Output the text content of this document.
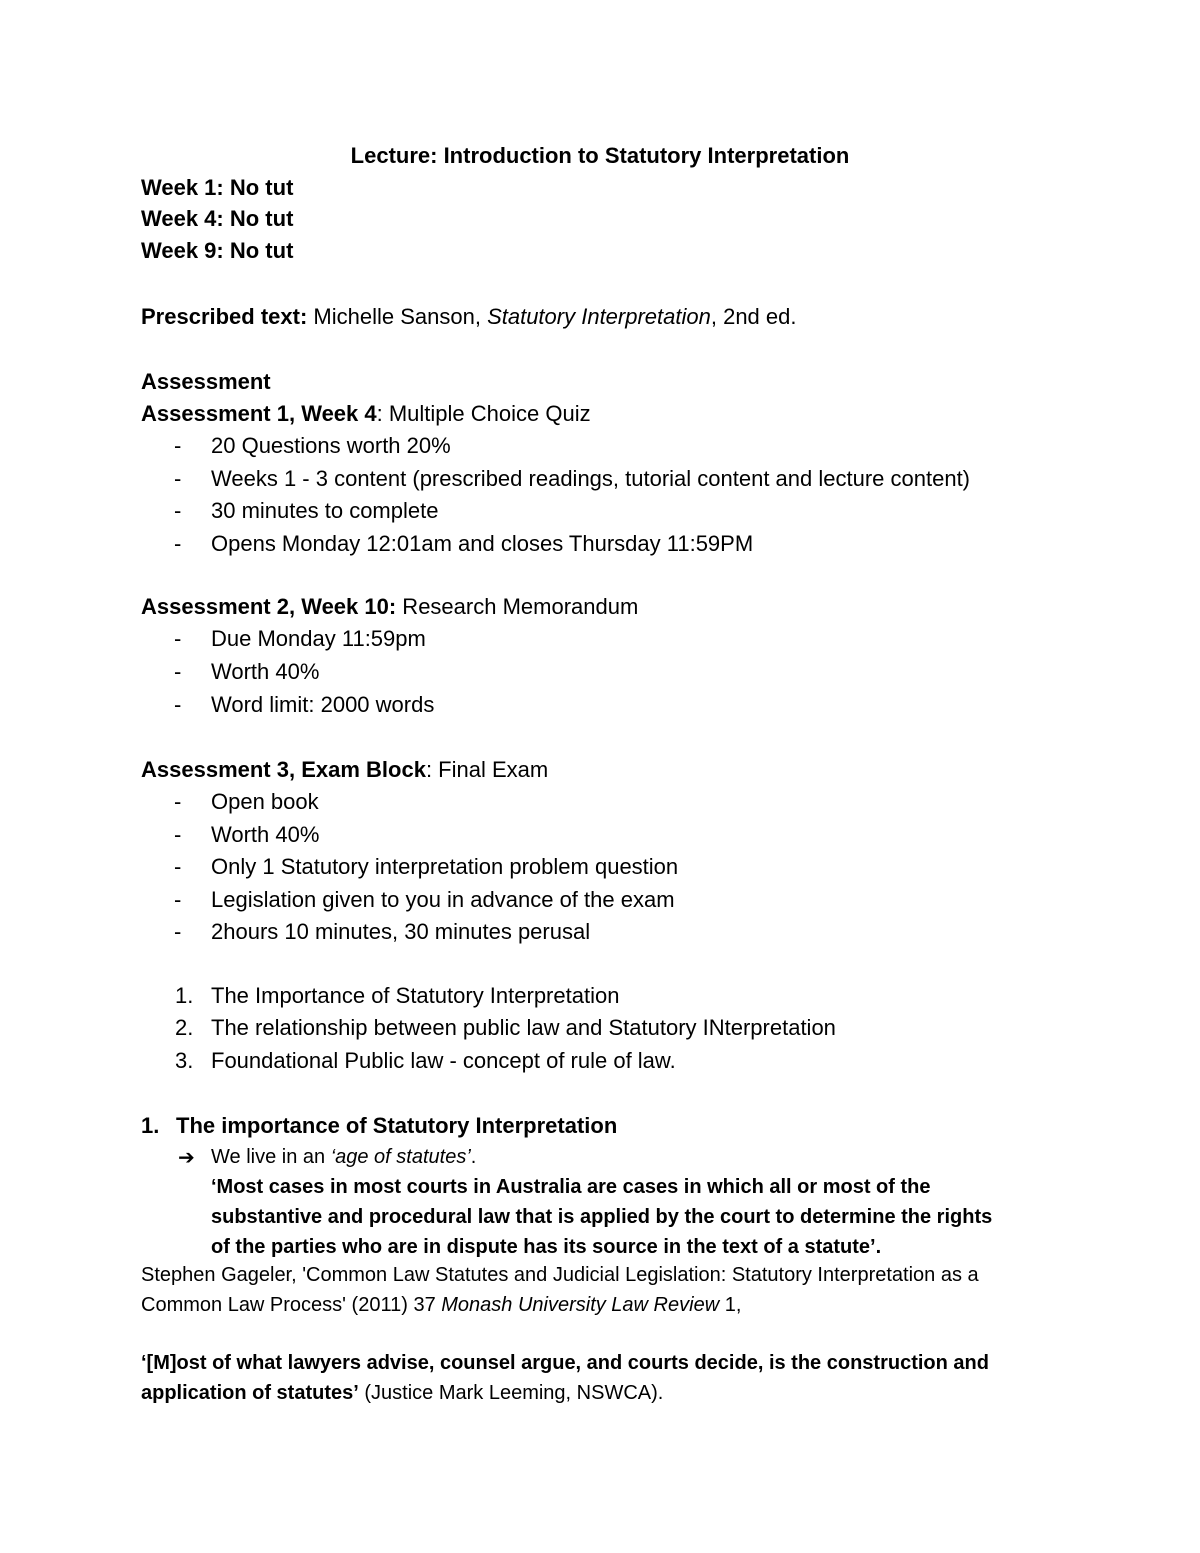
Lecture: Introduction to Statutory Interpretation
Week 1: No tut
Week 4: No tut
Week 9: No tut
Prescribed text: Michelle Sanson, Statutory Interpretation, 2nd ed.
Assessment
Assessment 1, Week 4: Multiple Choice Quiz
-	20 Questions worth 20%
-	Weeks 1 - 3 content (prescribed readings, tutorial content and lecture content)
-	30 minutes to complete
-	Opens Monday 12:01am and closes Thursday 11:59PM
Assessment 2, Week 10: Research Memorandum
-	Due Monday 11:59pm
-	Worth 40%
-	Word limit: 2000 words
Assessment 3, Exam Block: Final Exam
-	Open book
-	Worth 40%
-	Only 1 Statutory interpretation problem question
-	Legislation given to you in advance of the exam
-	2hours 10 minutes, 30 minutes perusal
1. The Importance of Statutory Interpretation
2. The relationship between public law and Statutory INterpretation
3. Foundational Public law - concept of rule of law.
1. The importance of Statutory Interpretation
➔ We live in an ‘age of statutes’.
‘Most cases in most courts in Australia are cases in which all or most of the
substantive and procedural law that is applied by the court to determine the rights
of the parties who are in dispute has its source in the text of a statute’.
Stephen Gageler, 'Common Law Statutes and Judicial Legislation: Statutory Interpretation as a
Common Law Process' (2011) 37 Monash University Law Review 1,
‘[M]ost of what lawyers advise, counsel argue, and courts decide, is the construction and
application of statutes’ (Justice Mark Leeming, NSWCA).
